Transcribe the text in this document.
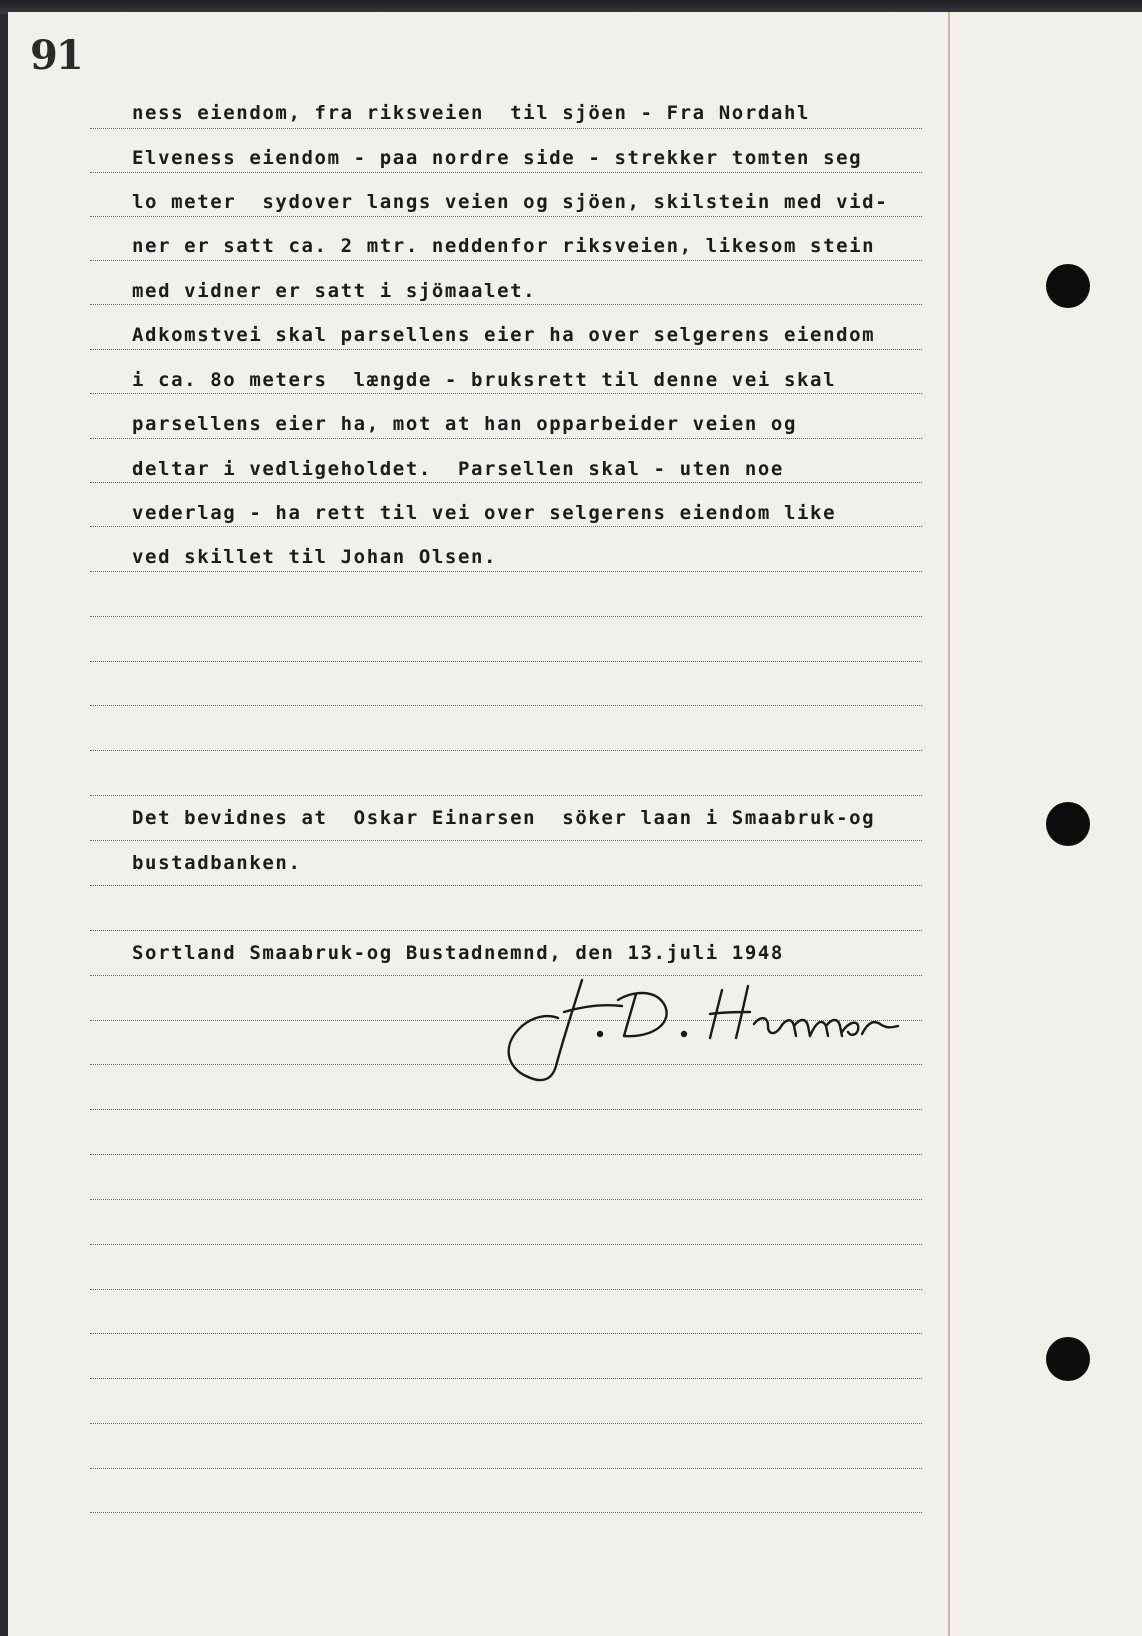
91
ness eiendom, fra riksveien  til sjöen - Fra Nordahl
Elveness eiendom - paa nordre side - strekker tomten seg
lo meter  sydover langs veien og sjöen, skilstein med vid-
ner er satt ca. 2 mtr. neddenfor riksveien, likesom stein
med vidner er satt i sjömaalet.
Adkomstvei skal parsellens eier ha over selgerens eiendom
i ca. 8o meters  længde - bruksrett til denne vei skal
parsellens eier ha, mot at han opparbeider veien og
deltar i vedligeholdet.  Parsellen skal - uten noe
vederlag - ha rett til vei over selgerens eiendom like
ved skillet til Johan Olsen.
Det bevidnes at  Oskar Einarsen  söker laan i Smaabruk-og
bustadbanken.
Sortland Smaabruk-og Bustadnemnd, den 13.juli 1948
